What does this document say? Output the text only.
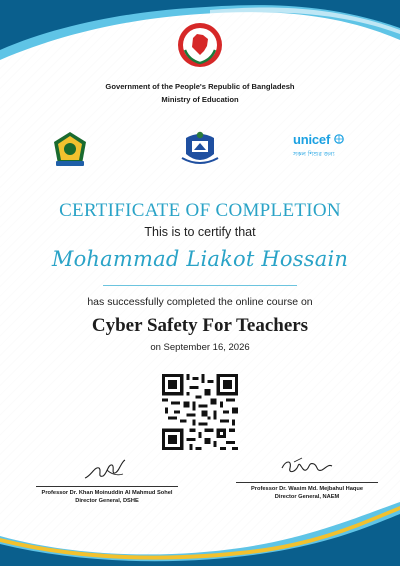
Government of the People's Republic of Bangladesh
Ministry of Education
unicef
সকল শিশুর জন্য
CERTIFICATE OF COMPLETION
This is to certify that
Mohammad Liakot Hossain
has successfully completed the online course on
Cyber Safety For Teachers
on September 16, 2026
Professor Dr. Khan Moinuddin Al Mahmud Sohel
Director General, DSHE
Professor Dr. Wasim Md. Mejbahul Haque
Director General, NAEM
